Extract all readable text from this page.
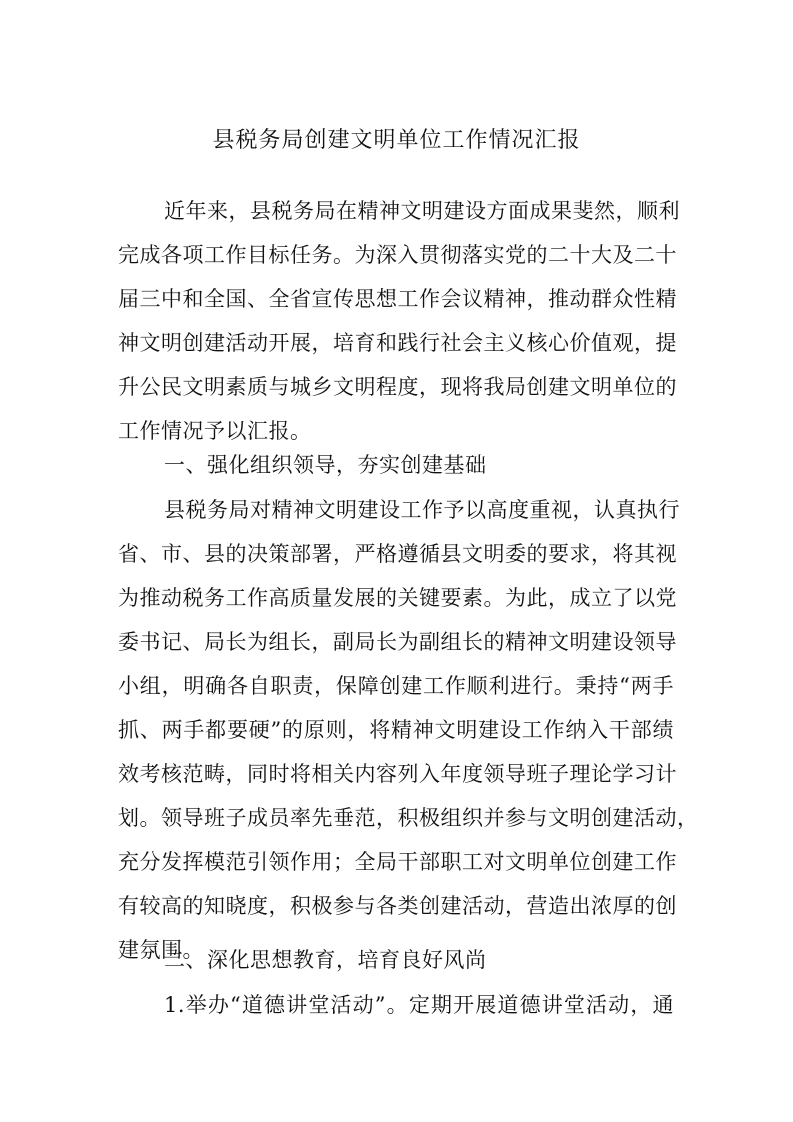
县税务局创建文明单位工作情况汇报
近年来，县税务局在精神文明建设方面成果斐然，顺利
完成各项工作目标任务。为深入贯彻落实党的二十大及二十
届三中和全国、全省宣传思想工作会议精神，推动群众性精
神文明创建活动开展，培育和践行社会主义核心价值观，提
升公民文明素质与城乡文明程度，现将我局创建文明单位的
工作情况予以汇报。
一、强化组织领导，夯实创建基础
县税务局对精神文明建设工作予以高度重视，认真执行
省、市、县的决策部署，严格遵循县文明委的要求，将其视
为推动税务工作高质量发展的关键要素。为此，成立了以党
委书记、局长为组长，副局长为副组长的精神文明建设领导
小组，明确各自职责，保障创建工作顺利进行。秉持“两手
抓、两手都要硬”的原则，将精神文明建设工作纳入干部绩
效考核范畴，同时将相关内容列入年度领导班子理论学习计
划。领导班子成员率先垂范，积极组织并参与文明创建活动，
充分发挥模范引领作用；全局干部职工对文明单位创建工作
有较高的知晓度，积极参与各类创建活动，营造出浓厚的创
建氛围。
二、深化思想教育，培育良好风尚
1.举办“道德讲堂活动”。定期开展道德讲堂活动，通
